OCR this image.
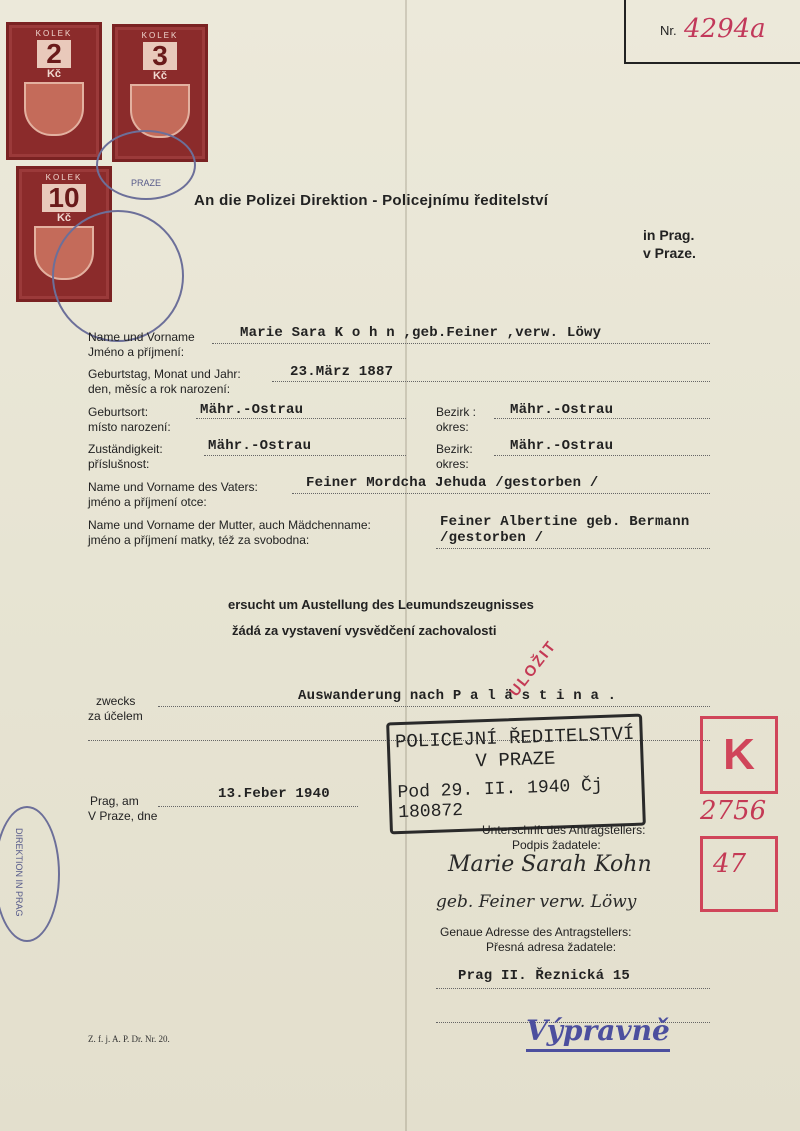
Nr. 4294a
KOLEK
2
Kč
KOLEK
3
Kč
KOLEK
10
Kč
PRAZE
DIREKTION IN PRAG
An die Polizei Direktion - Policejnímu ředitelství
in Prag.
v Praze.
Name und Vorname
Jméno a příjmení:
Marie Sara K o h n ,geb.Feiner ,verw. Löwy
Geburtstag, Monat und Jahr:
den, měsíc a rok narození:
23.März 1887
Geburtsort:
místo narození:
Mähr.-Ostrau	Bezirk :
okres:
Mähr.-Ostrau
Zuständigkeit:
příslušnost:
Mähr.-Ostrau	Bezirk:
okres:
Mähr.-Ostrau
Name und Vorname des Vaters:
jméno a příjmení otce:
Feiner Mordcha Jehuda /gestorben /
Name und Vorname der Mutter, auch Mädchenname:
jméno a příjmení matky, též za svobodna:
Feiner Albertine geb. Bermann
/gestorben /
ersucht um Austellung des Leumundszeugnisses
žádá za vystavení vysvědčení zachovalosti
ULOŽIT
zwecks
za účelem
Auswanderung nach P a l ä s t i n a .
POLICEJNÍ ŘEDITELSTVÍ
V PRAZE
Pod 29. II. 1940 Čj 180872
K
2756
47
Prag, am
V Praze, dne
13.Feber 1940
Unterschrift des Antragstellers:
Podpis žadatele:
Marie Sarah Kohn
geb. Feiner verw. Löwy
Genaue Adresse des Antragstellers:
Přesná adresa žadatele:
Prag II. Řeznická 15
Výpravně
Z. f. j. A. P. Dr. Nr. 20.
